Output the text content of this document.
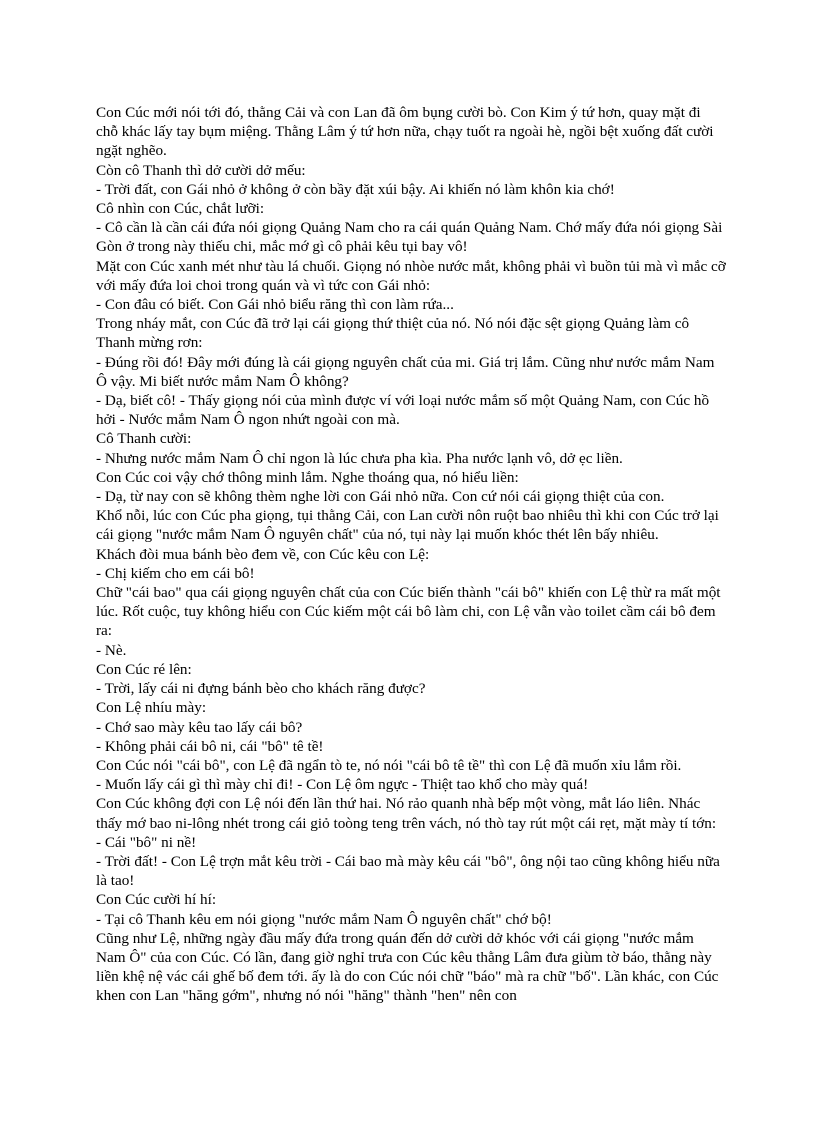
Con Cúc mới nói tới đó, thằng Cải và con Lan đã ôm bụng cười bò. Con Kim ý tứ hơn, quay mặt đi chỗ khác lấy tay bụm miệng. Thằng Lâm ý tứ hơn nữa, chạy tuốt ra ngoài hè, ngồi bệt xuống đất cười ngặt nghẽo.

Còn cô Thanh thì dở cười dở mếu:

- Trời đất, con Gái nhỏ ở không ở còn bầy đặt xúi bậy. Ai khiến nó làm khôn kia chớ!

Cô nhìn con Cúc, chắt lưỡi:

- Cô cần là cần cái đứa nói giọng Quảng Nam cho ra cái quán Quảng Nam. Chớ mấy đứa nói giọng Sài Gòn ở trong này thiếu chi, mắc mớ gì cô phải kêu tụi bay vô!

Mặt con Cúc xanh mét như tàu lá chuối. Giọng nó nhòe nước mắt, không phải vì buồn tủi mà vì mắc cỡ với mấy đứa loi choi trong quán và vì tức con Gái nhỏ:

- Con đâu có biết. Con Gái nhỏ biểu răng thì con làm rứa...

Trong nháy mắt, con Cúc đã trở lại cái giọng thứ thiệt của nó. Nó nói đặc sệt giọng Quảng làm cô Thanh mừng rơn:

- Đúng rồi đó! Đây mới đúng là cái giọng nguyên chất của mi. Giá trị lắm. Cũng như nước mắm Nam Ô vậy. Mi biết nước mắm Nam Ô không?

- Dạ, biết cô! - Thấy giọng nói của mình được ví với loại nước mắm số một Quảng Nam, con Cúc hồ hởi - Nước mắm Nam Ô ngon nhứt ngoài con mà.

Cô Thanh cười:

- Nhưng nước mắm Nam Ô chỉ ngon là lúc chưa pha kìa. Pha nước lạnh vô, dở ẹc liền.

Con Cúc coi vậy chớ thông minh lắm. Nghe thoáng qua, nó hiểu liền:

- Dạ, từ nay con sẽ không thèm nghe lời con Gái nhỏ nữa. Con cứ nói cái giọng thiệt của con.

Khổ nỗi, lúc con Cúc pha giọng, tụi thằng Cải, con Lan cười nôn ruột bao nhiêu thì khi con Cúc trở lại cái giọng "nước mắm Nam Ô nguyên chất" của nó, tụi này lại muốn khóc thét lên bấy nhiêu.

Khách đòi mua bánh bèo đem về, con Cúc kêu con Lệ:

- Chị kiếm cho em cái bô!

Chữ "cái bao" qua cái giọng nguyên chất của con Cúc biến thành "cái bô" khiến con Lệ thừ ra mất một lúc. Rốt cuộc, tuy không hiểu con Cúc kiếm một cái bô làm chi, con Lệ vẫn vào toilet cầm cái bô đem ra:

- Nè.

Con Cúc ré lên:

- Trời, lấy cái ni đựng bánh bèo cho khách răng được?

Con Lệ nhíu mày:

- Chớ sao mày kêu tao lấy cái bô?

- Không phải cái bô ni, cái "bô" tê tề!

Con Cúc nói "cái bô", con Lệ đã ngẩn tò te, nó nói "cái bô tê tề" thì con Lệ đã muốn xỉu lắm rồi.

- Muốn lấy cái gì thì mày chỉ đi! - Con Lệ ôm ngực - Thiệt tao khổ cho mày quá!

Con Cúc không đợi con Lệ nói đến lần thứ hai. Nó rảo quanh nhà bếp một vòng, mắt láo liên. Nhác thấy mớ bao ni-lông nhét trong cái giỏ toòng teng trên vách, nó thò tay rút một cái rẹt, mặt mày tí tớn:

- Cái "bô" ni nề!

- Trời đất! - Con Lệ trợn mắt kêu trời - Cái bao mà mày kêu cái "bô", ông nội tao cũng không hiểu nữa là tao!

Con Cúc cười hí hí:

- Tại cô Thanh kêu em nói giọng "nước mắm Nam Ô nguyên chất" chớ bộ!

Cũng như Lệ, những ngày đầu mấy đứa trong quán đến dở cười dở khóc với cái giọng "nước mắm Nam Ô" của con Cúc. Có lần, đang giờ nghỉ trưa con Cúc kêu thằng Lâm đưa giùm tờ báo, thằng này liền khệ nệ vác cái ghế bố đem tới. ấy là do con Cúc nói chữ "báo" mà ra chữ "bố". Lần khác, con Cúc khen con Lan "hăng gớm", nhưng nó nói "hăng" thành "hen" nên con
